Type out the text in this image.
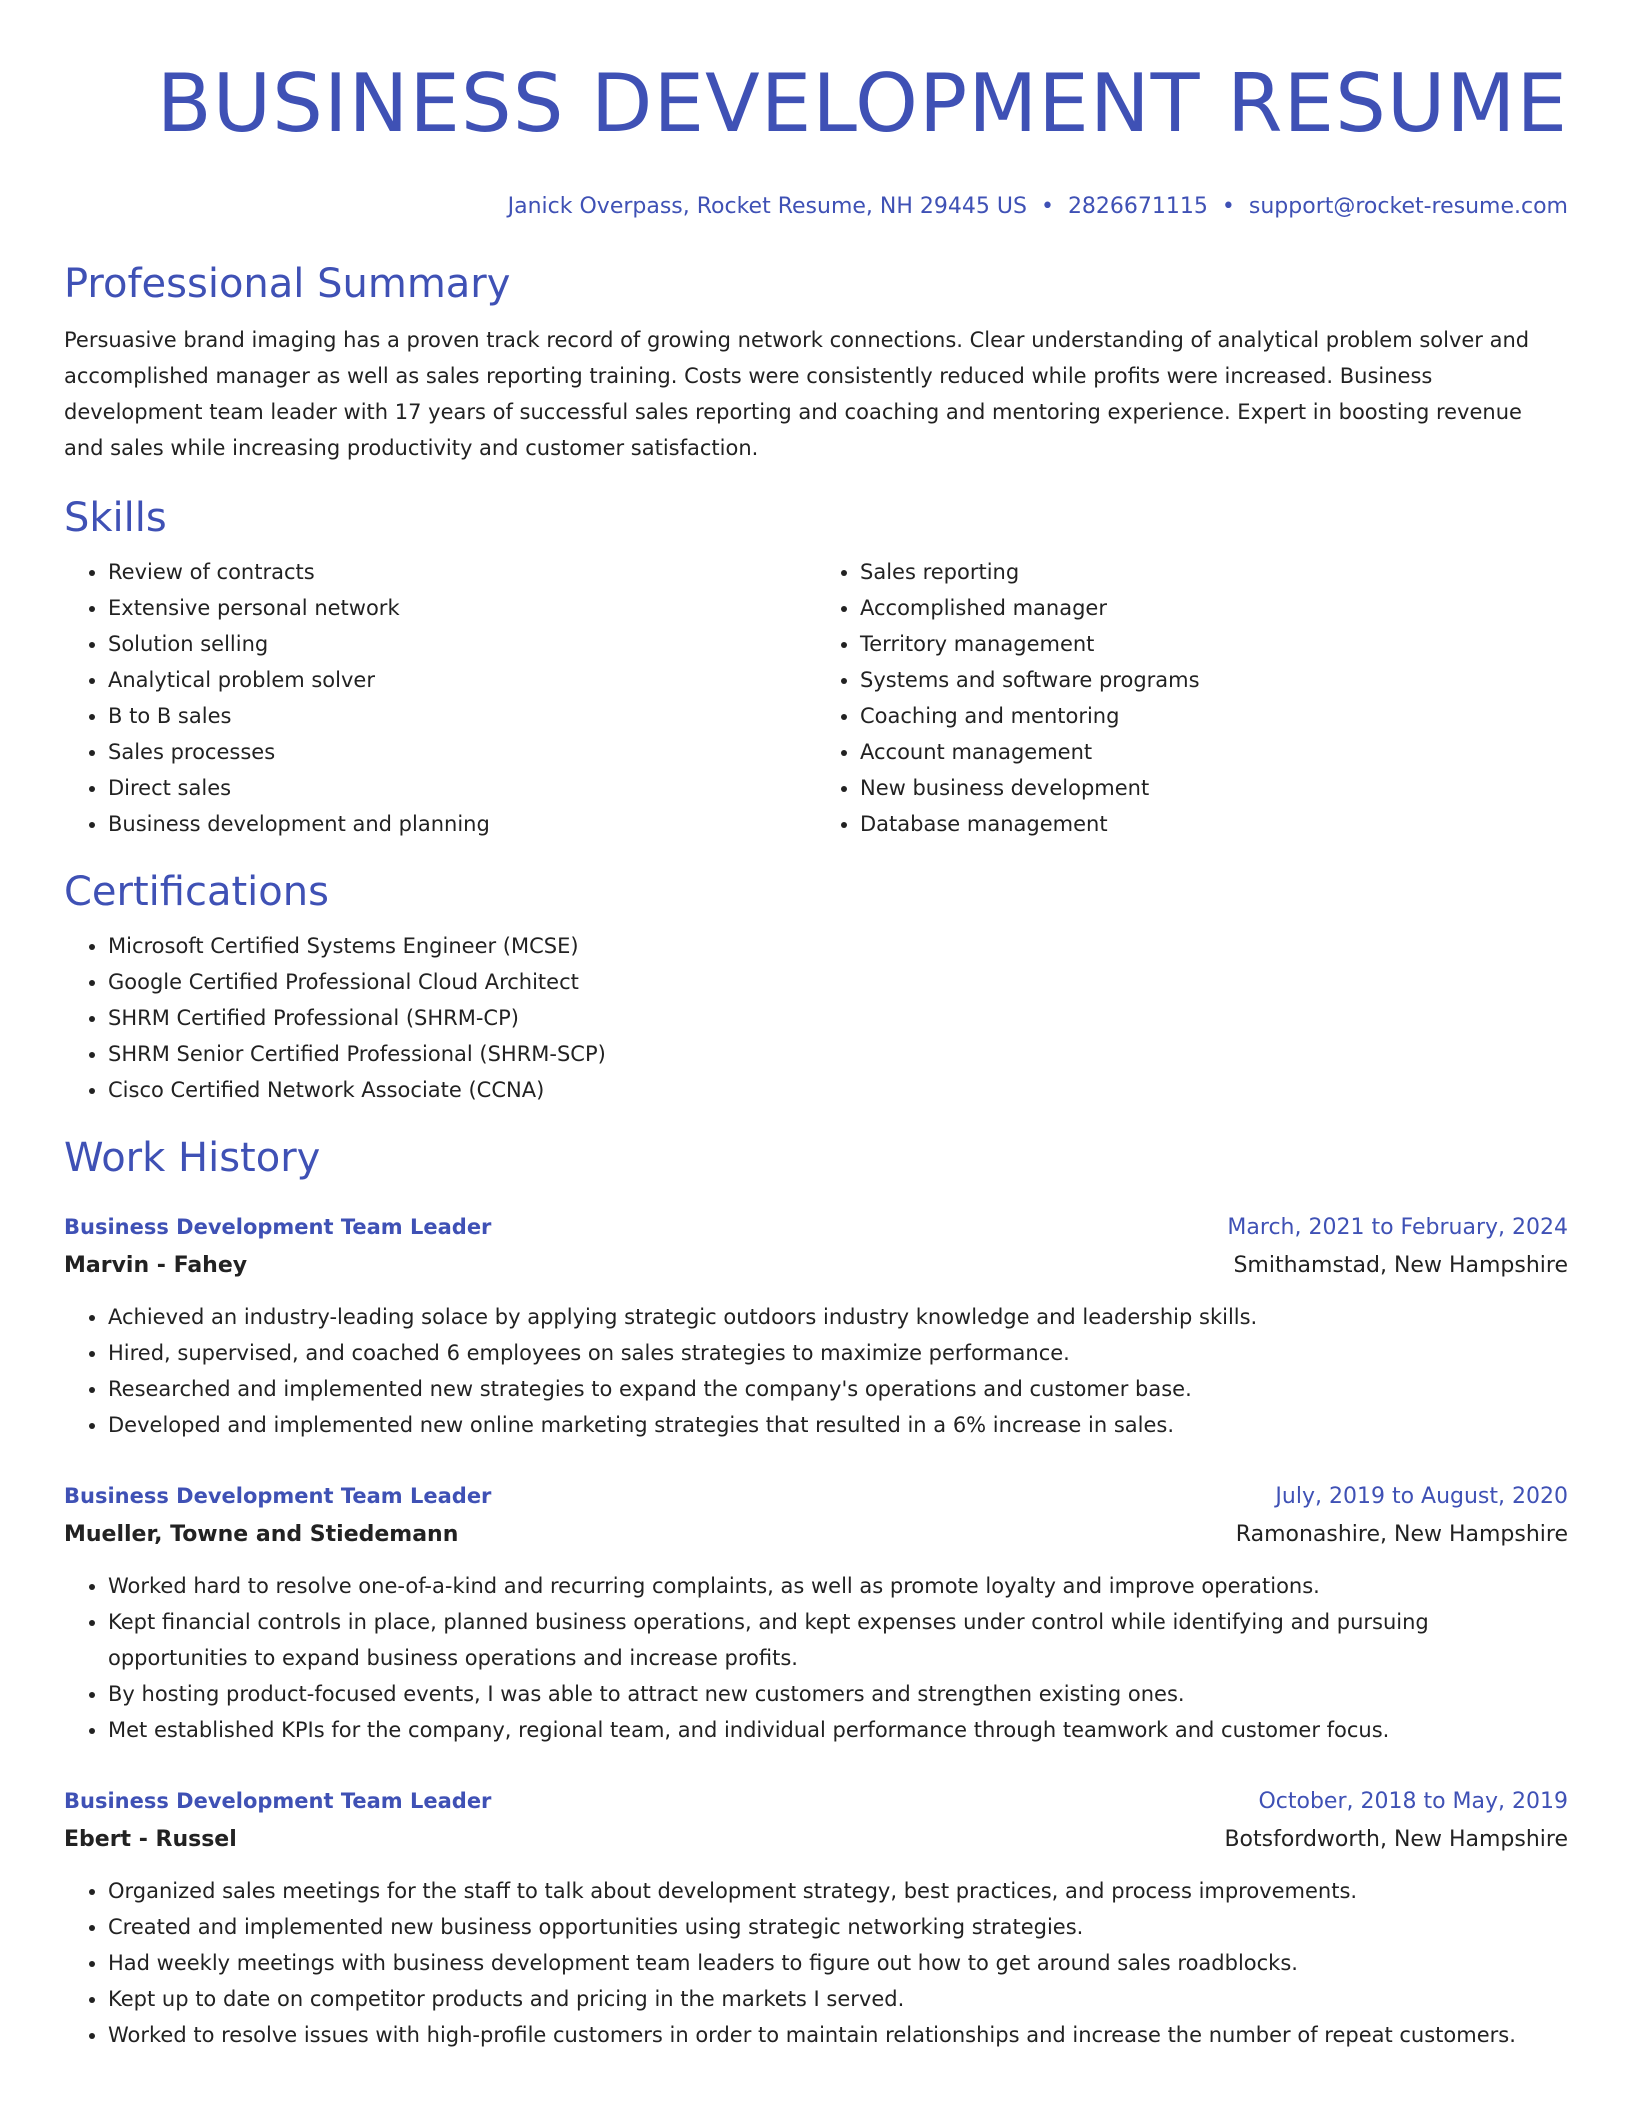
BUSINESS DEVELOPMENT RESUME
Janick Overpass, Rocket Resume, NH 29445 US • 2826671115 • support@rocket-resume.com
Professional Summary

Persuasive brand imaging has a proven track record of growing network connections. Clear understanding of analytical problem solver and accomplished manager as well as sales reporting training. Costs were consistently reduced while profits were increased. Business development team leader with 17 years of successful sales reporting and coaching and mentoring experience. Expert in boosting revenue and sales while increasing productivity and customer satisfaction.

Skills
• Review of contracts
• Extensive personal network
• Solution selling
• Analytical problem solver
• B to B sales
• Sales processes
• Direct sales
• Business development and planning
• Sales reporting
• Accomplished manager
• Territory management
• Systems and software programs
• Coaching and mentoring
• Account management
• New business development
• Database management
Certifications
• Microsoft Certified Systems Engineer (MCSE)
• Google Certified Professional Cloud Architect
• SHRM Certified Professional (SHRM-CP)
• SHRM Senior Certified Professional (SHRM-SCP)
• Cisco Certified Network Associate (CCNA)
Work History
Business Development Team Leader	March, 2021 to February, 2024
Marvin - Fahey	Smithamstad, New Hampshire
• Achieved an industry-leading solace by applying strategic outdoors industry knowledge and leadership skills.
• Hired, supervised, and coached 6 employees on sales strategies to maximize performance.
• Researched and implemented new strategies to expand the company's operations and customer base.
• Developed and implemented new online marketing strategies that resulted in a 6% increase in sales.
Business Development Team Leader	July, 2019 to August, 2020
Mueller, Towne and Stiedemann	Ramonashire, New Hampshire
• Worked hard to resolve one-of-a-kind and recurring complaints, as well as promote loyalty and improve operations.
• Kept financial controls in place, planned business operations, and kept expenses under control while identifying and pursuing opportunities to expand business operations and increase profits.
• By hosting product-focused events, I was able to attract new customers and strengthen existing ones.
• Met established KPIs for the company, regional team, and individual performance through teamwork and customer focus.
Business Development Team Leader	October, 2018 to May, 2019
Ebert - Russel	Botsfordworth, New Hampshire
• Organized sales meetings for the staff to talk about development strategy, best practices, and process improvements.
• Created and implemented new business opportunities using strategic networking strategies.
• Had weekly meetings with business development team leaders to figure out how to get around sales roadblocks.
• Kept up to date on competitor products and pricing in the markets I served.
• Worked to resolve issues with high-profile customers in order to maintain relationships and increase the number of repeat customers.
